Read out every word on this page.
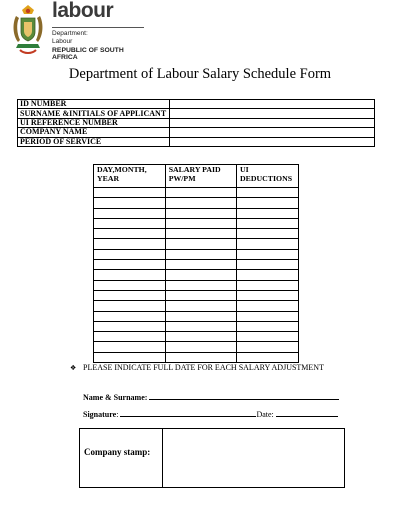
labour
Department:
Labour
REPUBLIC OF SOUTH AFRICA
Department of Labour Salary Schedule Form
ID NUMBER	
SURNAME &INITIALS OF APPLICANT	
UI REFERENCE NUMBER	
COMPANY NAME	
PERIOD OF SERVICE	
DAY,MONTH, YEAR	SALARY PAID PW/PM	UI DEDUCTIONS

❖ PLEASE INDICATE FULL DATE FOR EACH SALARY ADJUSTMENT
Name & Surname:
Signature:	Date:
Company stamp:
